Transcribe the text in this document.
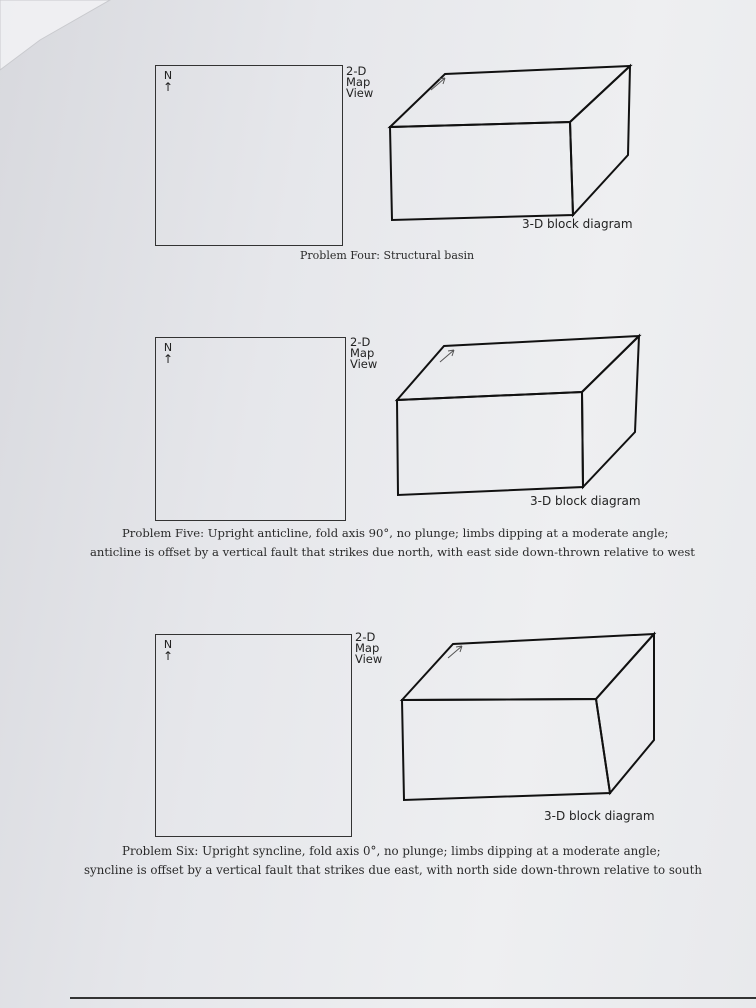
N
↑
2-D
Map
View
3-D block diagram
Problem Four: Structural basin
N
↑
2-D
Map
View
3-D block diagram
Problem Five: Upright anticline, fold axis 90°, no plunge; limbs dipping at a moderate angle;
anticline is offset by a vertical fault that strikes due north, with east side down-thrown relative to west
N
↑
2-D
Map
View
3-D block diagram
Problem Six: Upright syncline, fold axis 0°, no plunge; limbs dipping at a moderate angle;
syncline is offset by a vertical fault that strikes due east, with north side down-thrown relative to south
